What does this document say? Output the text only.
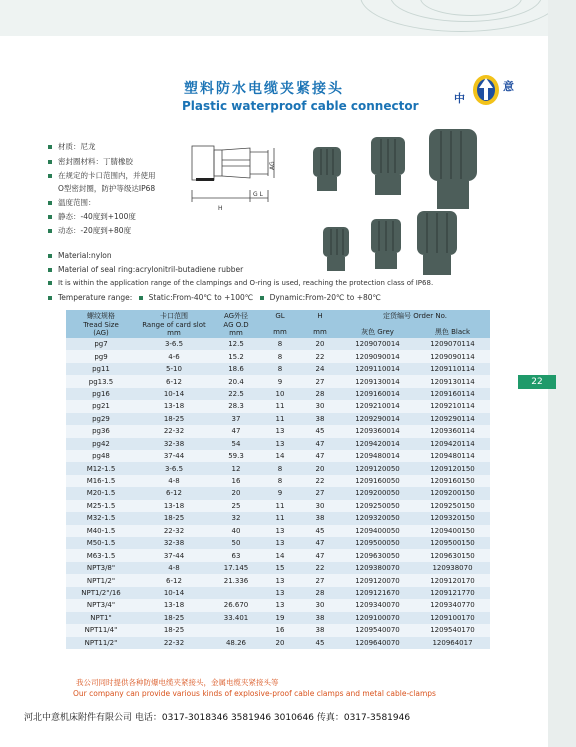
22
塑料防水电缆夹紧接头
Plastic waterproof cable connector
中
意
材质：尼龙
密封圈材料：丁腈橡胶
在规定的卡口范围内，并使用
O型密封圈，防护等级达IP68
温度范围：
静态：-40度到+100度
动态：-20度到+80度
AG
H
G L
Material:nylon
Material of seal ring:acrylonitril-butadiene rubber
It is within the application range of the clampings and O-ring is used, reaching the protection class of IP68.
Temperature range: Static:From-40℃ to +100℃ Dynamic:From-20℃ to +80℃
螺纹规格
Tread Size
(AG)	卡口范围
Range of card slot
mm	AG外径
AG O.D
mm	GL

mm	H

mm	定货编号 Order No.	

					灰色 Grey	黑色 Black
pg7	3-6.5	12.5	8	20	1209070014	1209070114
pg9	4-6	15.2	8	22	1209090014	1209090114
pg11	5-10	18.6	8	24	1209110014	1209110114
pg13.5	6-12	20.4	9	27	1209130014	1209130114
pg16	10-14	22.5	10	28	1209160014	1209160114
pg21	13-18	28.3	11	30	1209210014	1209210114
pg29	18-25	37	11	38	1209290014	1209290114
pg36	22-32	47	13	45	1209360014	1209360114
pg42	32-38	54	13	47	1209420014	1209420114
pg48	37-44	59.3	14	47	1209480014	1209480114
M12-1.5	3-6.5	12	8	20	1209120050	1209120150
M16-1.5	4-8	16	8	22	1209160050	1209160150
M20-1.5	6-12	20	9	27	1209200050	1209200150
M25-1.5	13-18	25	11	30	1209250050	1209250150
M32-1.5	18-25	32	11	38	1209320050	1209320150
M40-1.5	22-32	40	13	45	1209400050	1209400150
M50-1.5	32-38	50	13	47	1209500050	1209500150
M63-1.5	37-44	63	14	47	1209630050	1209630150
NPT3/8"	4-8	17.145	15	22	1209380070	120938070
NPT1/2"	6-12	21.336	13	27	1209120070	1209120170
NPT1/2"/16	10-14		13	28	1209121670	1209121770
NPT3/4"	13-18	26.670	13	30	1209340070	1209340770
NPT1"	18-25	33.401	19	38	1209100070	1209100170
NPT11/4"	18-25		16	38	1209540070	1209540170
NPT11/2"	22-32	48.26	20	45	1209640070	120964017
我公司同时提供各种防爆电缆夹紧接头，金属电缆夹紧接头等
Our company can provide various kinds of explosive-proof cable clamps and metal cable-clamps
河北中意机床附件有限公司 电话：0317-3018346 3581946 3010646 传真：0317-3581946
